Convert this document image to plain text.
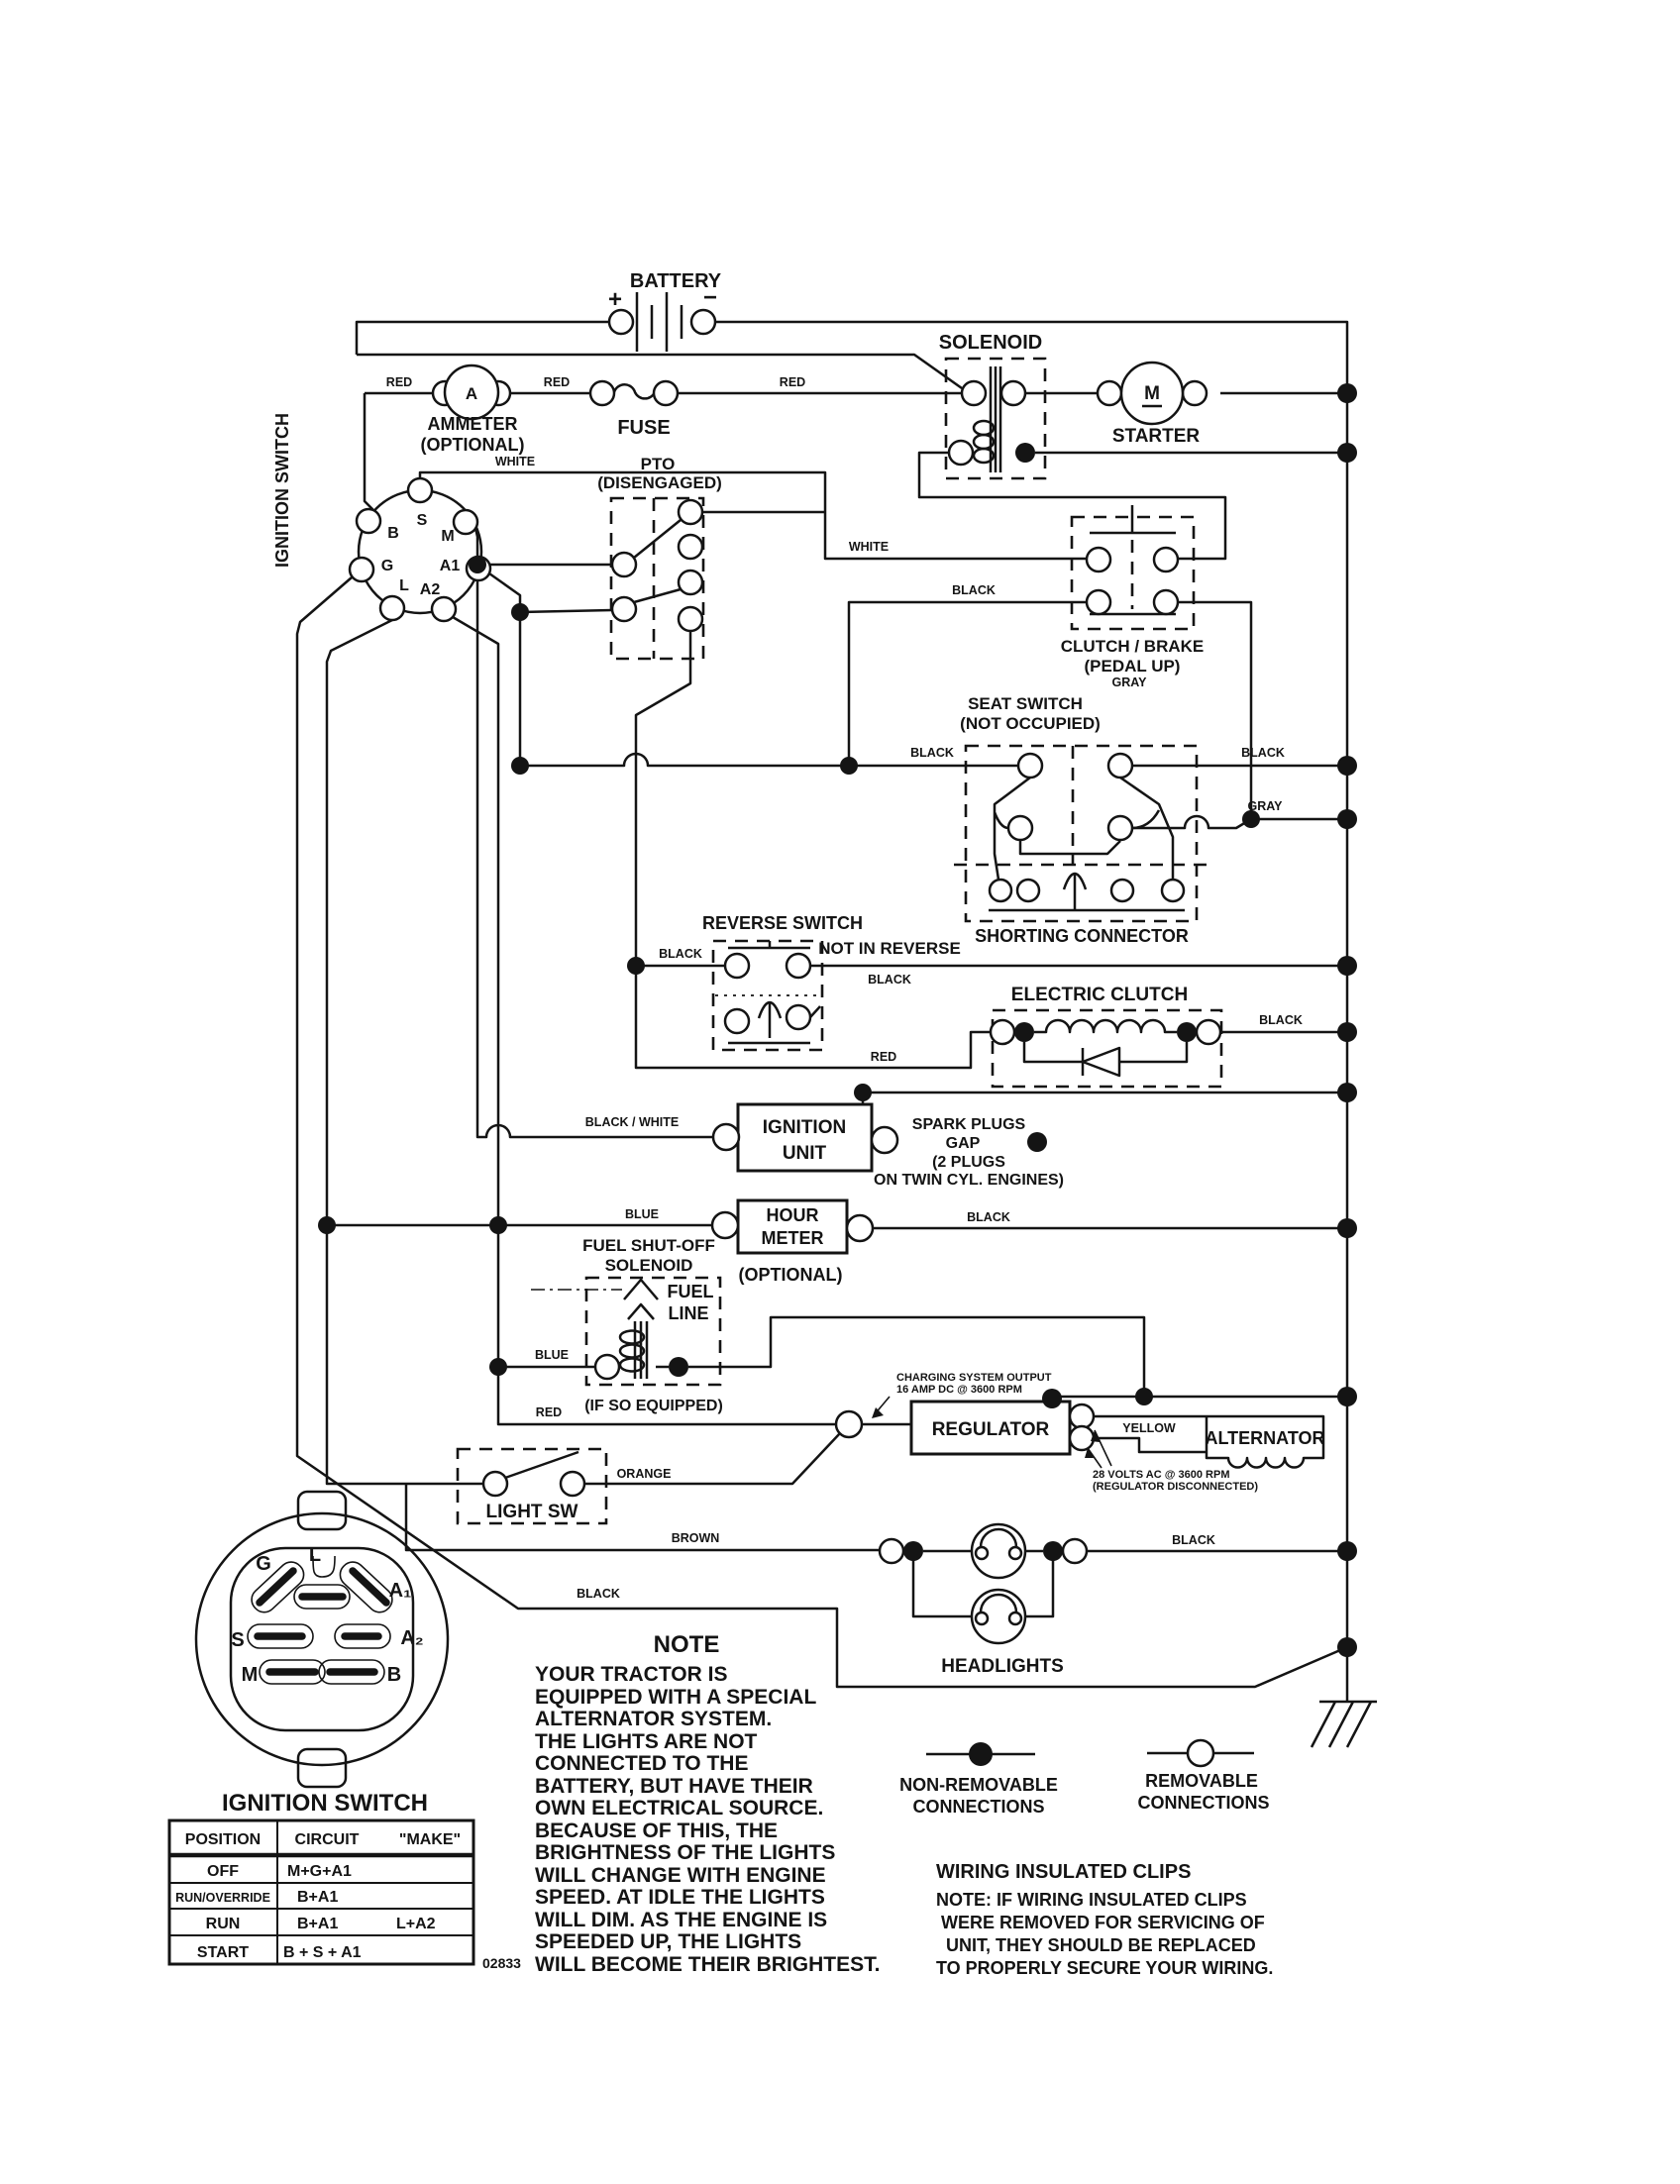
BATTERY
+	−
A
AMMETER
(OPTIONAL)
FUSE
SOLENOID
M
STARTER
PTO
(DISENGAGED)
B
S
M
G	A1
L A2
IGNITION SWITCH
CLUTCH / BRAKE
(PEDAL UP)
SEAT SWITCH
(NOT OCCUPIED)
SHORTING CONNECTOR
REVERSE SWITCH
NOT IN REVERSE
ELECTRIC CLUTCH
IGNITION
UNIT
SPARK PLUGS
GAP
(2 PLUGS
ON TWIN CYL. ENGINES)
HOUR
METER
(OPTIONAL)
FUEL SHUT-OFF
SOLENOID
FUEL
LINE
(IF SO EQUIPPED)
REGULATOR
CHARGING SYSTEM OUTPUT
16 AMP DC @ 3600 RPM
28 VOLTS AC @ 3600 RPM
(REGULATOR DISCONNECTED)
ALTERNATOR
LIGHT SW
HEADLIGHTS
RED	RED	RED
WHITE
WHITE
BLACK
GRAY
BLACK	BLACK
GRAY
BLACK
BLACK
RED
BLACK
BLACK / WHITE
BLUE	BLACK
BLUE
RED
ORANGE
YELLOW
BROWN	BLACK
BLACK
G L
A₁
A₂
S
M	B
IGNITION SWITCH
POSITION CIRCUIT	"MAKE"
OFF	M+G+A1
RUN/OVERRIDE B+A1
RUN	B+A1	L+A2
START B + S + A1
02833
NOTE
YOUR TRACTOR IS
EQUIPPED WITH A SPECIAL
ALTERNATOR SYSTEM.
THE LIGHTS ARE NOT
CONNECTED TO THE
BATTERY, BUT HAVE THEIR
OWN ELECTRICAL SOURCE.
BECAUSE OF THIS, THE
BRIGHTNESS OF THE LIGHTS
WILL CHANGE WITH ENGINE
SPEED. AT IDLE THE LIGHTS
WILL DIM. AS THE ENGINE IS
SPEEDED UP, THE LIGHTS
WILL BECOME THEIR BRIGHTEST.
NON-REMOVABLE
CONNECTIONS
REMOVABLE
CONNECTIONS
WIRING INSULATED CLIPS
NOTE: IF WIRING INSULATED CLIPS
WERE REMOVED FOR SERVICING OF
UNIT, THEY SHOULD BE REPLACED
TO PROPERLY SECURE YOUR WIRING.
